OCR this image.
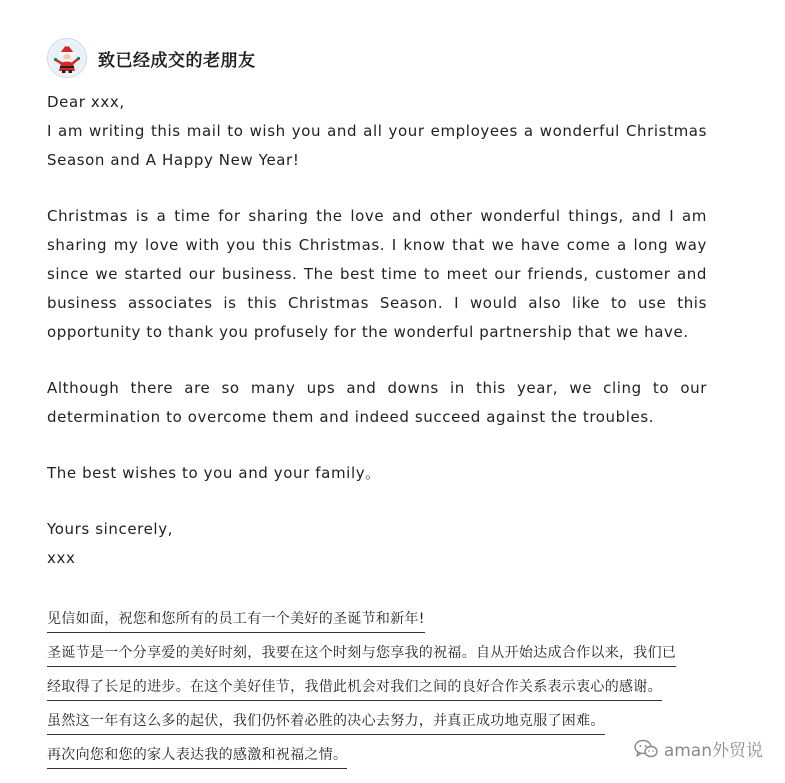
致已经成交的老朋友
Dear xxx,
I am writing this mail to wish you and all your employees a wonderful Christmas
Season and A Happy New Year!
Christmas is a time for sharing the love and other wonderful things, and I am
sharing my love with you this Christmas. I know that we have come a long way
since we started our business. The best time to meet our friends, customer and
business associates is this Christmas Season. I would also like to use this
opportunity to thank you profusely for the wonderful partnership that we have.
Although there are so many ups and downs in this year, we cling to our
determination to overcome them and indeed succeed against the troubles.
The best wishes to you and your family。
Yours sincerely,
xxx
见信如面，祝您和您所有的员工有一个美好的圣诞节和新年!
圣诞节是一个分享爱的美好时刻，我要在这个时刻与您享我的祝福。自从开始达成合作以来，我们已
经取得了长足的进步。在这个美好佳节，我借此机会对我们之间的良好合作关系表示衷心的感谢。
虽然这一年有这么多的起伏，我们仍怀着必胜的决心去努力，并真正成功地克服了困难。
再次向您和您的家人表达我的感激和祝福之情。	aman外贸说
